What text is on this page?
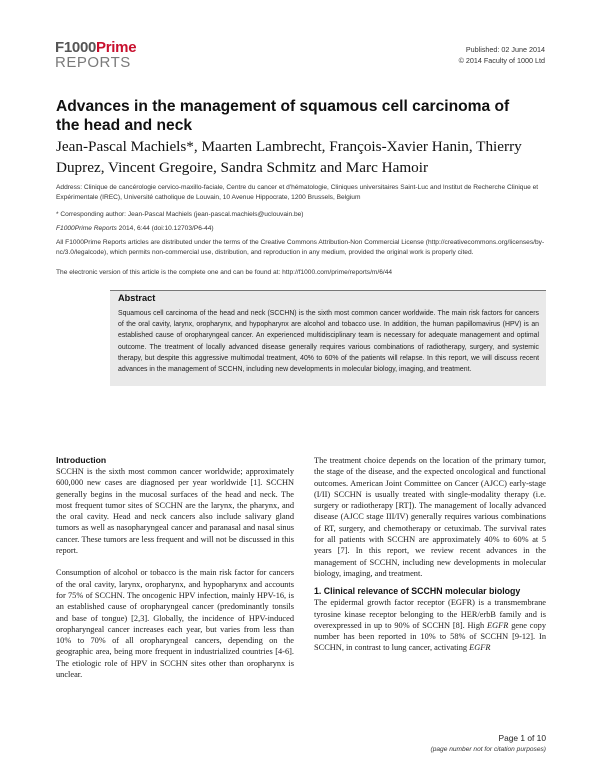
F1000Prime
REPORTS
Published: 02 June 2014
© 2014 Faculty of 1000 Ltd
Advances in the management of squamous cell carcinoma of the head and neck
Jean-Pascal Machiels*, Maarten Lambrecht, François-Xavier Hanin, Thierry Duprez, Vincent Gregoire, Sandra Schmitz and Marc Hamoir
Address: Clinique de cancérologie cervico-maxillo-faciale, Centre du cancer et d'hématologie, Cliniques universitaires Saint-Luc and Institut de Recherche Clinique et Expérimentale (IREC), Université catholique de Louvain, 10 Avenue Hippocrate, 1200 Brussels, Belgium
* Corresponding author: Jean-Pascal Machiels (jean-pascal.machiels@uclouvain.be)
F1000Prime Reports 2014, 6:44 (doi:10.12703/P6-44)
All F1000Prime Reports articles are distributed under the terms of the Creative Commons Attribution-Non Commercial License (http://creativecommons.org/licenses/by-nc/3.0/legalcode), which permits non-commercial use, distribution, and reproduction in any medium, provided the original work is properly cited.
The electronic version of this article is the complete one and can be found at: http://f1000.com/prime/reports/m/6/44
Abstract
Squamous cell carcinoma of the head and neck (SCCHN) is the sixth most common cancer worldwide. The main risk factors for cancers of the oral cavity, larynx, oropharynx, and hypopharynx are alcohol and tobacco use. In addition, the human papillomavirus (HPV) is an established cause of oropharyngeal cancer. An experienced multidisciplinary team is necessary for adequate management and optimal outcome. The treatment of locally advanced disease generally requires various combinations of radiotherapy, surgery, and systemic therapy, but despite this aggressive multimodal treatment, 40% to 60% of the patients will relapse. In this report, we will discuss recent advances in the management of SCCHN, including new developments in molecular biology, imaging, and treatment.
Introduction

SCCHN is the sixth most common cancer worldwide; approximately 600,000 new cases are diagnosed per year worldwide [1]. SCCHN generally begins in the mucosal surfaces of the head and neck. The most frequent tumor sites of SCCHN are the larynx, the pharynx, and the oral cavity. Head and neck cancers also include salivary gland tumors as well as nasopharyngeal cancer and paranasal and nasal sinus cancer. These tumors are less frequent and will not be discussed in this report.

Consumption of alcohol or tobacco is the main risk factor for cancers of the oral cavity, larynx, oropharynx, and hypopharynx and accounts for 75% of SCCHN. The oncogenic HPV infection, mainly HPV-16, is an established cause of oropharyngeal cancer (predominantly tonsils and base of tongue) [2,3]. Globally, the incidence of HPV-induced oropharyngeal cancer increases each year, but varies from less than 10% to 70% of all oropharyngeal cancers, depending on the geographic area, being more frequent in industrialized countries [4-6]. The etiologic role of HPV in SCCHN sites other than oropharynx is unclear.

The treatment choice depends on the location of the primary tumor, the stage of the disease, and the expected oncological and functional outcomes. American Joint Committee on Cancer (AJCC) early-stage (I/II) SCCHN is usually treated with single-modality therapy (i.e. surgery or radiotherapy [RT]). The management of locally advanced disease (AJCC stage III/IV) generally requires various combinations of RT, surgery, and chemotherapy or cetuximab. The survival rates for all patients with SCCHN are approximately 40% to 60% at 5 years [7]. In this report, we review recent advances in the management of SCCHN, including new developments in molecular biology, imaging, and treatment.

1. Clinical relevance of SCCHN molecular biology

The epidermal growth factor receptor (EGFR) is a transmembrane tyrosine kinase receptor belonging to the HER/erbB family and is overexpressed in up to 90% of SCCHN [8]. High EGFR gene copy number has been reported in 10% to 58% of SCCHN [9-12]. In SCCHN, in contrast to lung cancer, activating EGFR

Page 1 of 10
(page number not for citation purposes)
